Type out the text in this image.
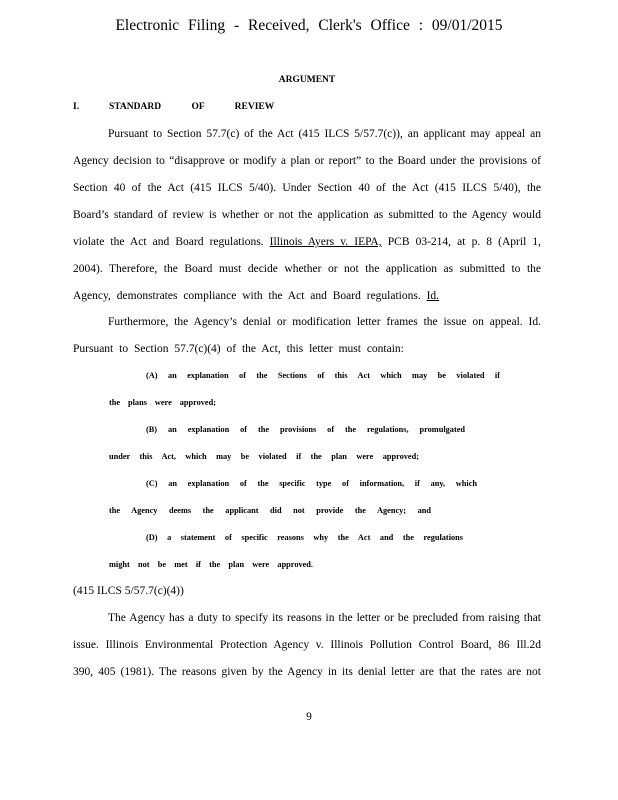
Electronic Filing - Received, Clerk's Office : 09/01/2015
ARGUMENT
I.	STANDARD OF REVIEW
Pursuant to Section 57.7(c) of the Act (415 ILCS 5/57.7(c)), an applicant may appeal an
Agency decision to “disapprove or modify a plan or report” to the Board under the provisions of
Section 40 of the Act (415 ILCS 5/40). Under Section 40 of the Act (415 ILCS 5/40), the
Board’s standard of review is whether or not the application as submitted to the Agency would
violate the Act and Board regulations. Illinois Ayers v. IEPA, PCB 03-214, at p. 8 (April 1,
2004). Therefore, the Board must decide whether or not the application as submitted to the
Agency, demonstrates compliance with the Act and Board regulations. Id.
Furthermore, the Agency’s denial or modification letter frames the issue on appeal. Id.
Pursuant to Section 57.7(c)(4) of the Act, this letter must contain:
(A) an explanation of the Sections of this Act which may be violated if
the plans were approved;
(B) an explanation of the provisions of the regulations, promulgated
under this Act, which may be violated if the plan were approved;
(C) an explanation of the specific type of information, if any, which
the Agency deems the applicant did not provide the Agency; and
(D) a statement of specific reasons why the Act and the regulations
might not be met if the plan were approved.
(415 ILCS 5/57.7(c)(4))
The Agency has a duty to specify its reasons in the letter or be precluded from raising that
issue. Illinois Environmental Protection Agency v. Illinois Pollution Control Board, 86 Ill.2d
390, 405 (1981). The reasons given by the Agency in its denial letter are that the rates are not
9
